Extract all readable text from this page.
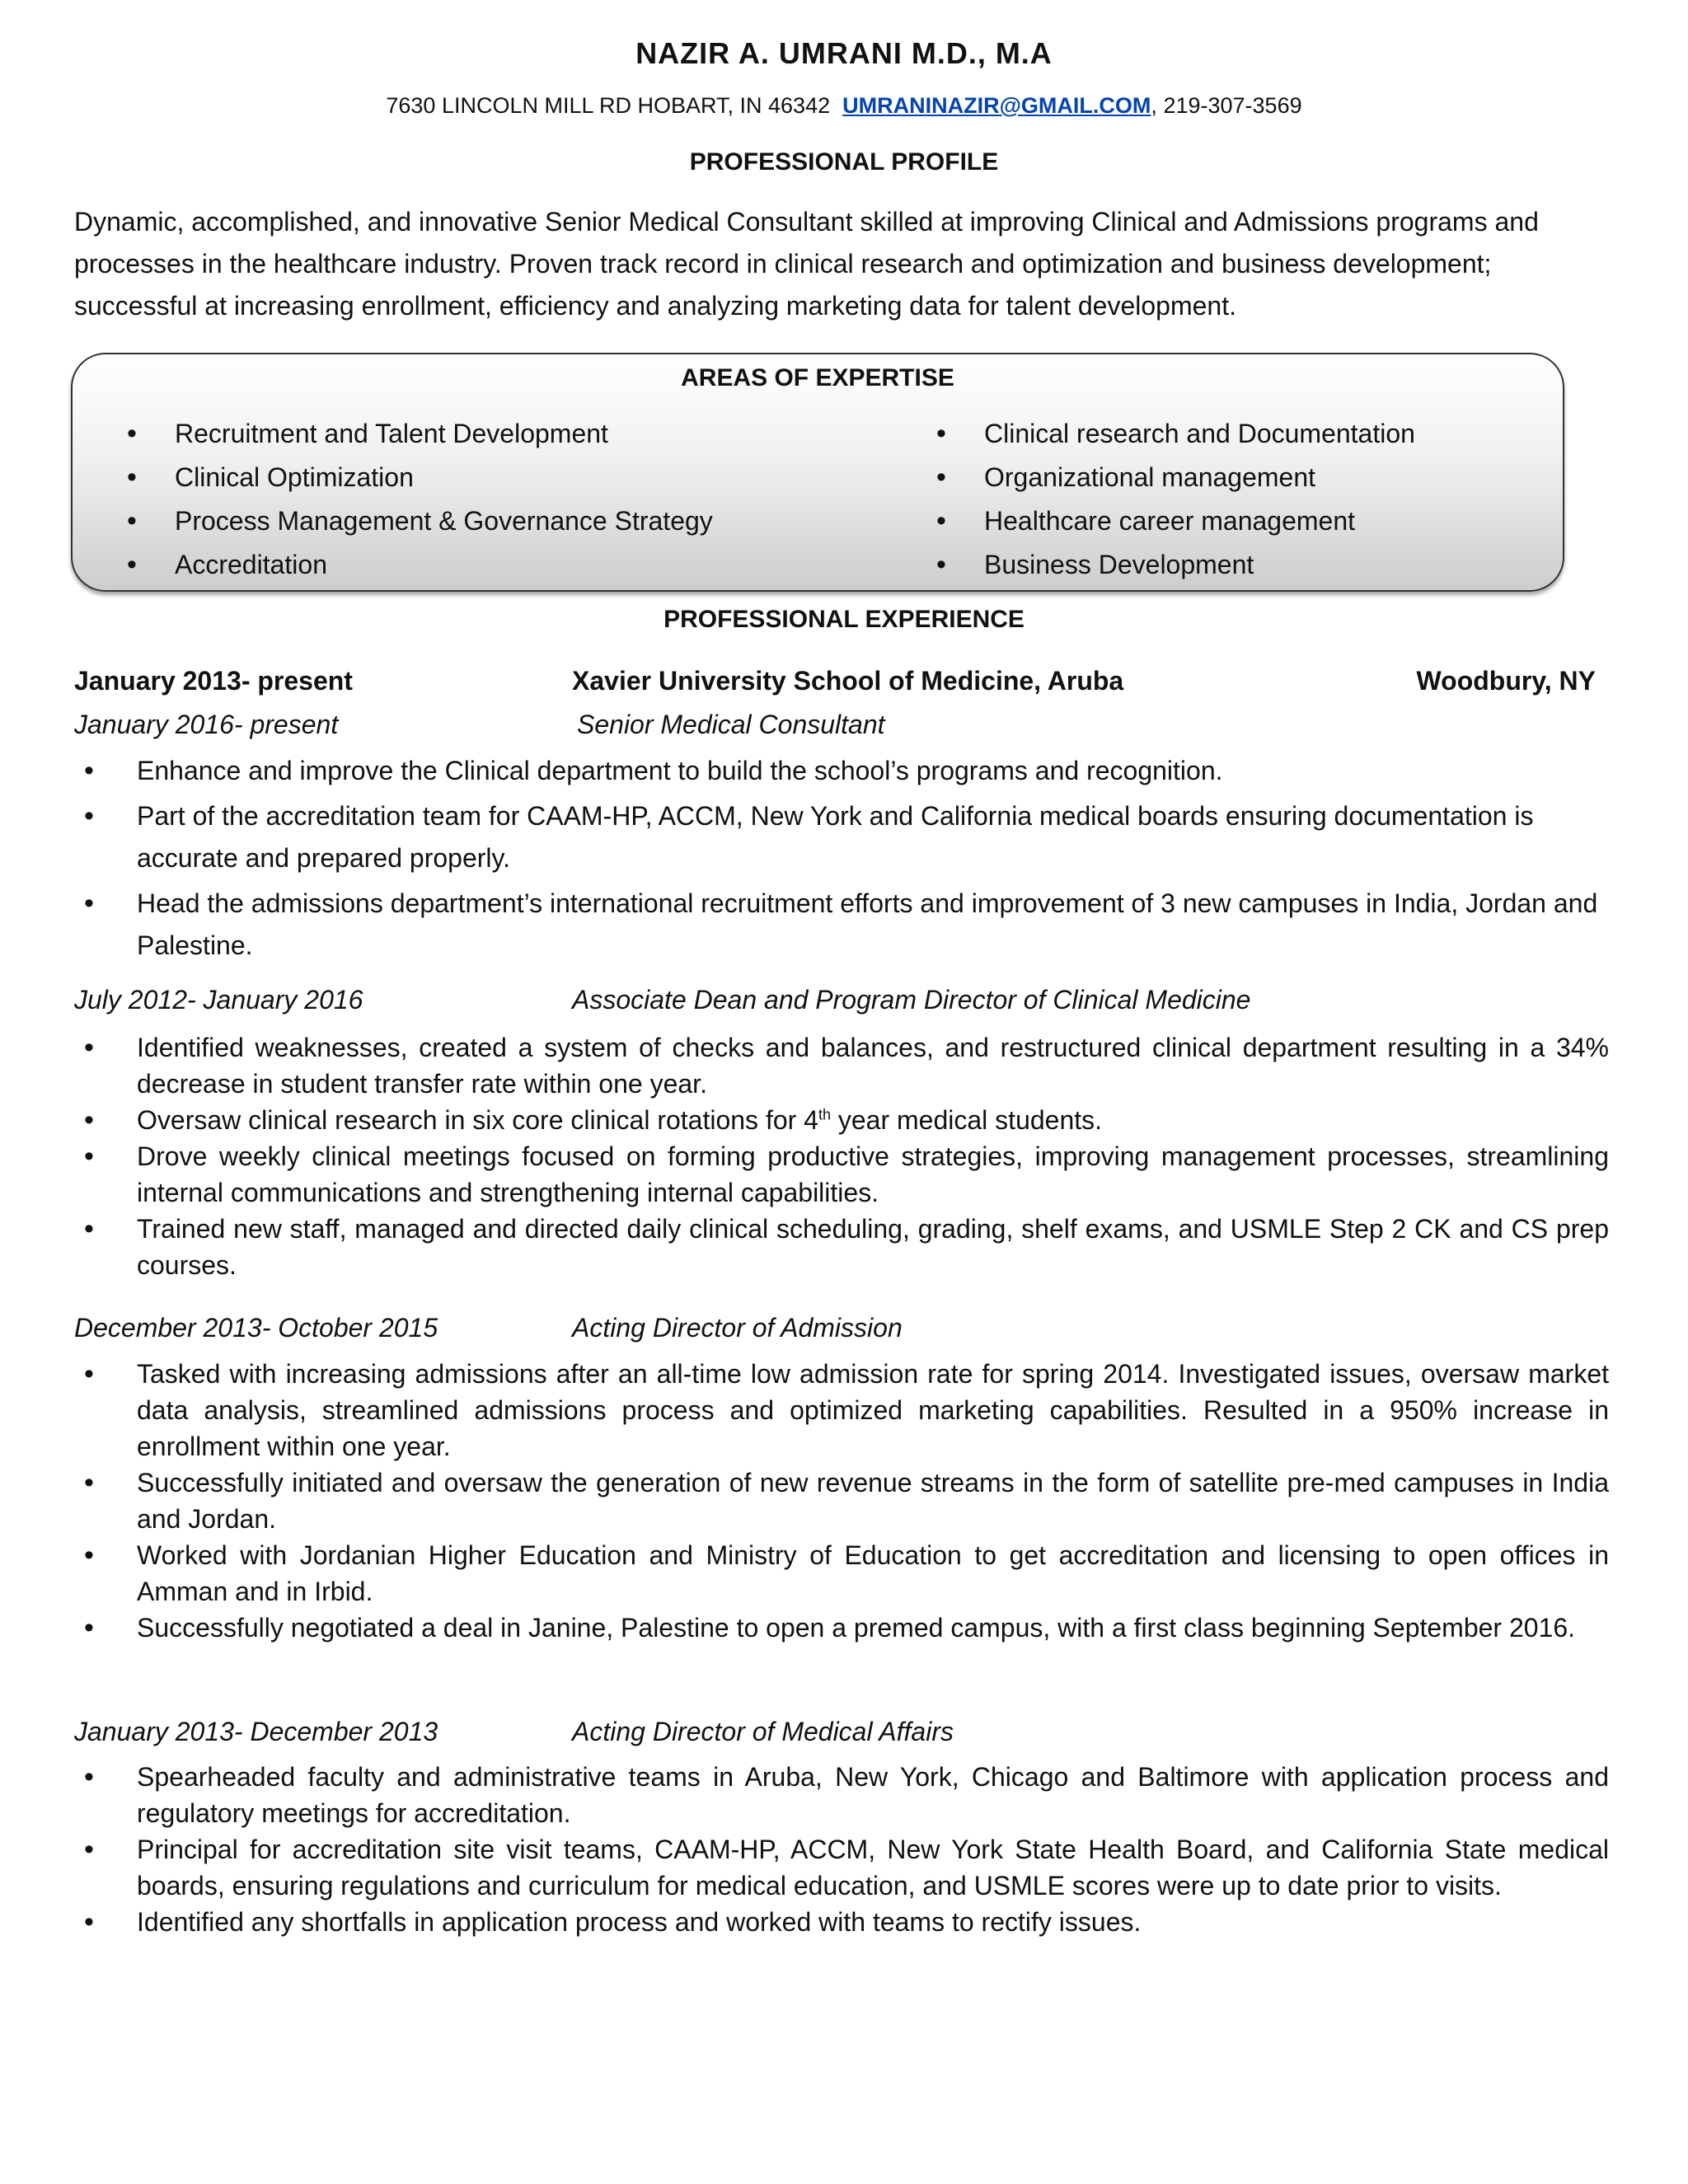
NAZIR A. UMRANI M.D., M.A
7630 LINCOLN MILL RD HOBART, IN 46342 UMRANINAZIR@GMAIL.COM, 219-307-3569
PROFESSIONAL PROFILE
Dynamic, accomplished, and innovative Senior Medical Consultant skilled at improving Clinical and Admissions programs and processes in the healthcare industry. Proven track record in clinical research and optimization and business development; successful at increasing enrollment, efficiency and analyzing marketing data for talent development.
AREAS OF EXPERTISE
• Recruitment and Talent Development
• Clinical Optimization
• Process Management & Governance Strategy
• Accreditation
• Clinical research and Documentation
• Organizational management
• Healthcare career management
• Business Development
PROFESSIONAL EXPERIENCE
January 2013- present	Xavier University School of Medicine, Aruba	Woodbury, NY
January 2016- present	Senior Medical Consultant
• Enhance and improve the Clinical department to build the school’s programs and recognition.
• Part of the accreditation team for CAAM-HP, ACCM, New York and California medical boards ensuring documentation is accurate and prepared properly.
• Head the admissions department’s international recruitment efforts and improvement of 3 new campuses in India, Jordan and Palestine.
July 2012- January 2016	Associate Dean and Program Director of Clinical Medicine
• Identified weaknesses, created a system of checks and balances, and restructured clinical department resulting in a 34% decrease in student transfer rate within one year.
• Oversaw clinical research in six core clinical rotations for 4th year medical students.
• Drove weekly clinical meetings focused on forming productive strategies, improving management processes, streamlining internal communications and strengthening internal capabilities.
• Trained new staff, managed and directed daily clinical scheduling, grading, shelf exams, and USMLE Step 2 CK and CS prep courses.
December 2013- October 2015	Acting Director of Admission
• Tasked with increasing admissions after an all-time low admission rate for spring 2014. Investigated issues, oversaw market data analysis, streamlined admissions process and optimized marketing capabilities. Resulted in a 950% increase in enrollment within one year.
• Successfully initiated and oversaw the generation of new revenue streams in the form of satellite pre-med campuses in India and Jordan.
• Worked with Jordanian Higher Education and Ministry of Education to get accreditation and licensing to open offices in Amman and in Irbid.
• Successfully negotiated a deal in Janine, Palestine to open a premed campus, with a first class beginning September 2016.
January 2013- December 2013	Acting Director of Medical Affairs
• Spearheaded faculty and administrative teams in Aruba, New York, Chicago and Baltimore with application process and regulatory meetings for accreditation.
• Principal for accreditation site visit teams, CAAM-HP, ACCM, New York State Health Board, and California State medical boards, ensuring regulations and curriculum for medical education, and USMLE scores were up to date prior to visits.
• Identified any shortfalls in application process and worked with teams to rectify issues.
